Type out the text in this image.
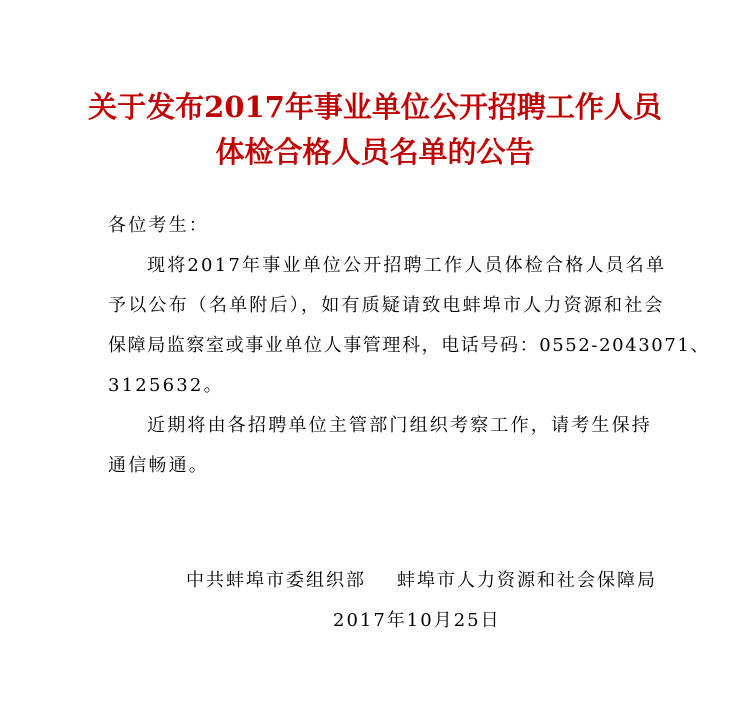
关于发布2017年事业单位公开招聘工作人员
体检合格人员名单的公告
各位考生：
现将2017年事业单位公开招聘工作人员体检合格人员名单
予以公布（名单附后），如有质疑请致电蚌埠市人力资源和社会
保障局监察室或事业单位人事管理科，电话号码：0552-2043071、
3125632。
近期将由各招聘单位主管部门组织考察工作，请考生保持
通信畅通。
中共蚌埠市委组织部 蚌埠市人力资源和社会保障局
2017年10月25日
